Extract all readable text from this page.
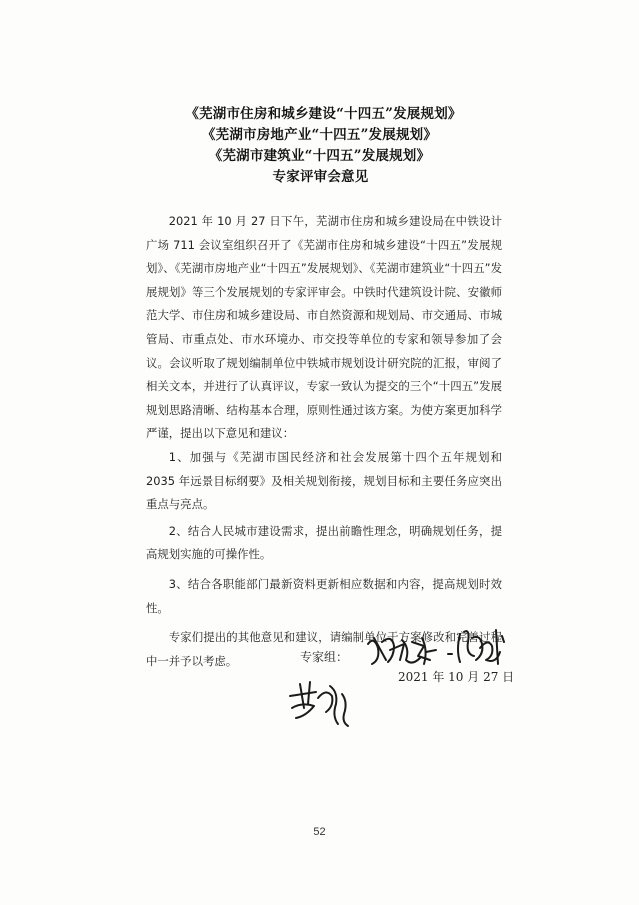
《芜湖市住房和城乡建设“十四五”发展规划》
《芜湖市房地产业“十四五”发展规划》
《芜湖市建筑业“十四五”发展规划》
专家评审会意见

2021 年 10 月 27 日下午，芜湖市住房和城乡建设局在中铁设计广场 711 会议室组织召开了《芜湖市住房和城乡建设“十四五”发展规划》、《芜湖市房地产业“十四五”发展规划》、《芜湖市建筑业“十四五”发展规划》等三个发展规划的专家评审会。中铁时代建筑设计院、安徽师范大学、市住房和城乡建设局、市自然资源和规划局、市交通局、市城管局、市重点处、市水环境办、市交投等单位的专家和领导参加了会议。会议听取了规划编制单位中铁城市规划设计研究院的汇报，审阅了相关文本，并进行了认真评议，专家一致认为提交的三个“十四五”发展规划思路清晰、结构基本合理，原则性通过该方案。为使方案更加科学严谨，提出以下意见和建议：

1、加强与《芜湖市国民经济和社会发展第十四个五年规划和 2035 年远景目标纲要》及相关规划衔接，规划目标和主要任务应突出重点与亮点。

2、结合人民城市建设需求，提出前瞻性理念，明确规划任务，提高规划实施的可操作性。

3、结合各职能部门最新资料更新相应数据和内容，提高规划时效性。

专家们提出的其他意见和建议，请编制单位于方案修改和完善过程中一并予以考虑。	专家组：
2021 年 10 月 27 日
52
